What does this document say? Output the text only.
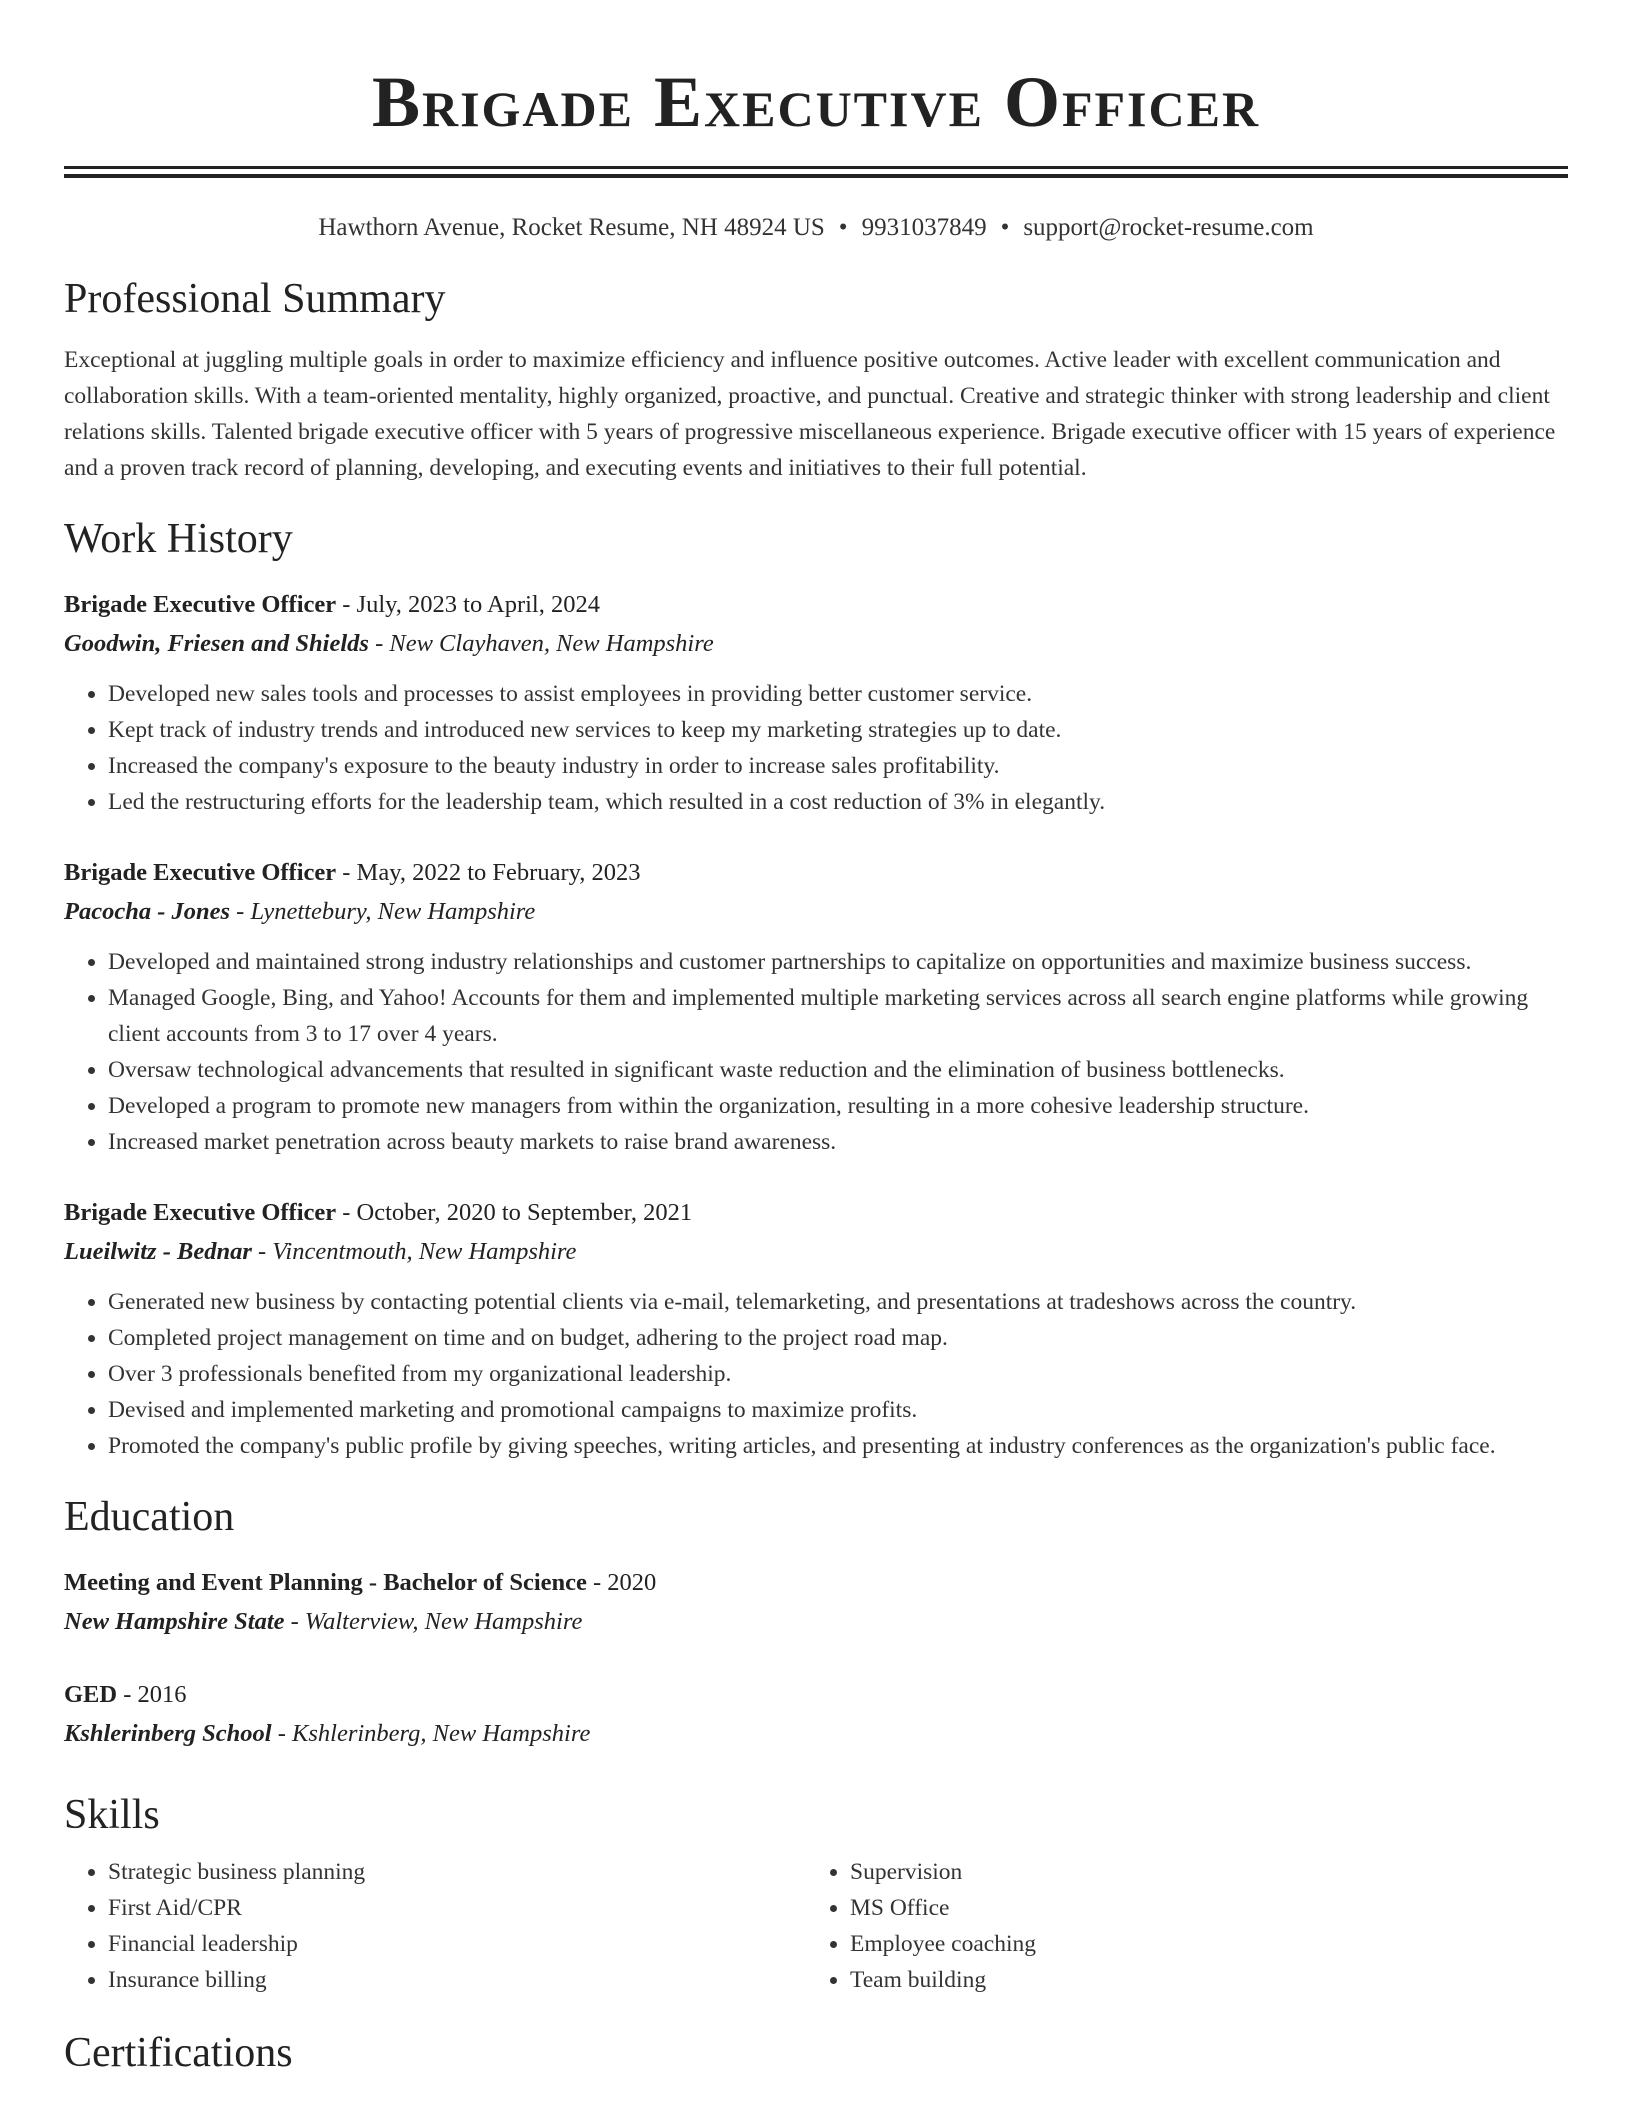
Brigade Executive Officer
Hawthorn Avenue, Rocket Resume, NH 48924 US • 9931037849 • support@rocket-resume.com
Professional Summary

Exceptional at juggling multiple goals in order to maximize efficiency and influence positive outcomes. Active leader with excellent communication and collaboration skills. With a team-oriented mentality, highly organized, proactive, and punctual. Creative and strategic thinker with strong leadership and client relations skills. Talented brigade executive officer with 5 years of progressive miscellaneous experience. Brigade executive officer with 15 years of experience and a proven track record of planning, developing, and executing events and initiatives to their full potential.

Work History
Brigade Executive Officer - July, 2023 to April, 2024
Goodwin, Friesen and Shields - New Clayhaven, New Hampshire
• Developed new sales tools and processes to assist employees in providing better customer service.
• Kept track of industry trends and introduced new services to keep my marketing strategies up to date.
• Increased the company's exposure to the beauty industry in order to increase sales profitability.
• Led the restructuring efforts for the leadership team, which resulted in a cost reduction of 3% in elegantly.
Brigade Executive Officer - May, 2022 to February, 2023
Pacocha - Jones - Lynettebury, New Hampshire
• Developed and maintained strong industry relationships and customer partnerships to capitalize on opportunities and maximize business success.
• Managed Google, Bing, and Yahoo! Accounts for them and implemented multiple marketing services across all search engine platforms while growing client accounts from 3 to 17 over 4 years.
• Oversaw technological advancements that resulted in significant waste reduction and the elimination of business bottlenecks.
• Developed a program to promote new managers from within the organization, resulting in a more cohesive leadership structure.
• Increased market penetration across beauty markets to raise brand awareness.
Brigade Executive Officer - October, 2020 to September, 2021
Lueilwitz - Bednar - Vincentmouth, New Hampshire
• Generated new business by contacting potential clients via e-mail, telemarketing, and presentations at tradeshows across the country.
• Completed project management on time and on budget, adhering to the project road map.
• Over 3 professionals benefited from my organizational leadership.
• Devised and implemented marketing and promotional campaigns to maximize profits.
• Promoted the company's public profile by giving speeches, writing articles, and presenting at industry conferences as the organization's public face.
Education
Meeting and Event Planning - Bachelor of Science - 2020
New Hampshire State - Walterview, New Hampshire
GED - 2016
Kshlerinberg School - Kshlerinberg, New Hampshire
Skills
• Strategic business planning
• First Aid/CPR
• Financial leadership
• Insurance billing
• Supervision
• MS Office
• Employee coaching
• Team building
Certifications
